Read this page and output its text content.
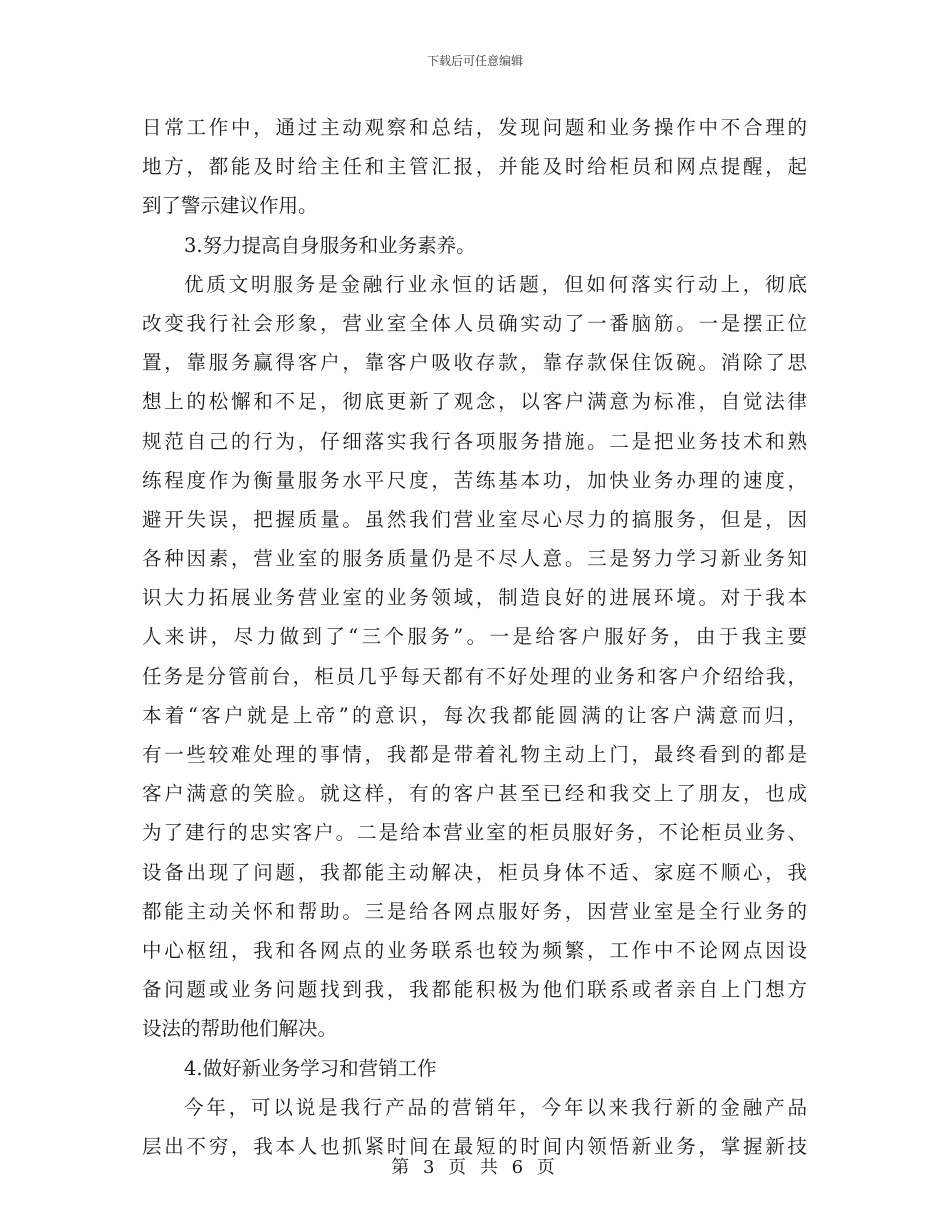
下载后可任意编辑
日常工作中，通过主动观察和总结，发现问题和业务操作中不合理的
地方，都能及时给主任和主管汇报，并能及时给柜员和网点提醒，起
到了警示建议作用。
3.努力提高自身服务和业务素养。
优质文明服务是金融行业永恒的话题，但如何落实行动上，彻底
改变我行社会形象，营业室全体人员确实动了一番脑筋。一是摆正位
置，靠服务赢得客户，靠客户吸收存款，靠存款保住饭碗。消除了思
想上的松懈和不足，彻底更新了观念，以客户满意为标准，自觉法律
规范自己的行为，仔细落实我行各项服务措施。二是把业务技术和熟
练程度作为衡量服务水平尺度，苦练基本功，加快业务办理的速度，
避开失误，把握质量。虽然我们营业室尽心尽力的搞服务，但是，因
各种因素，营业室的服务质量仍是不尽人意。三是努力学习新业务知
识大力拓展业务营业室的业务领域，制造良好的进展环境。对于我本
人来讲，尽力做到了“三个服务”。一是给客户服好务，由于我主要
任务是分管前台，柜员几乎每天都有不好处理的业务和客户介绍给我，
本着“客户就是上帝”的意识，每次我都能圆满的让客户满意而归，
有一些较难处理的事情，我都是带着礼物主动上门，最终看到的都是
客户满意的笑脸。就这样，有的客户甚至已经和我交上了朋友，也成
为了建行的忠实客户。二是给本营业室的柜员服好务，不论柜员业务、
设备出现了问题，我都能主动解决，柜员身体不适、家庭不顺心，我
都能主动关怀和帮助。三是给各网点服好务，因营业室是全行业务的
中心枢纽，我和各网点的业务联系也较为频繁，工作中不论网点因设
备问题或业务问题找到我，我都能积极为他们联系或者亲自上门想方
设法的帮助他们解决。
4.做好新业务学习和营销工作
今年，可以说是我行产品的营销年，今年以来我行新的金融产品
层出不穷，我本人也抓紧时间在最短的时间内领悟新业务，掌握新技
第 3 页 共 6 页
